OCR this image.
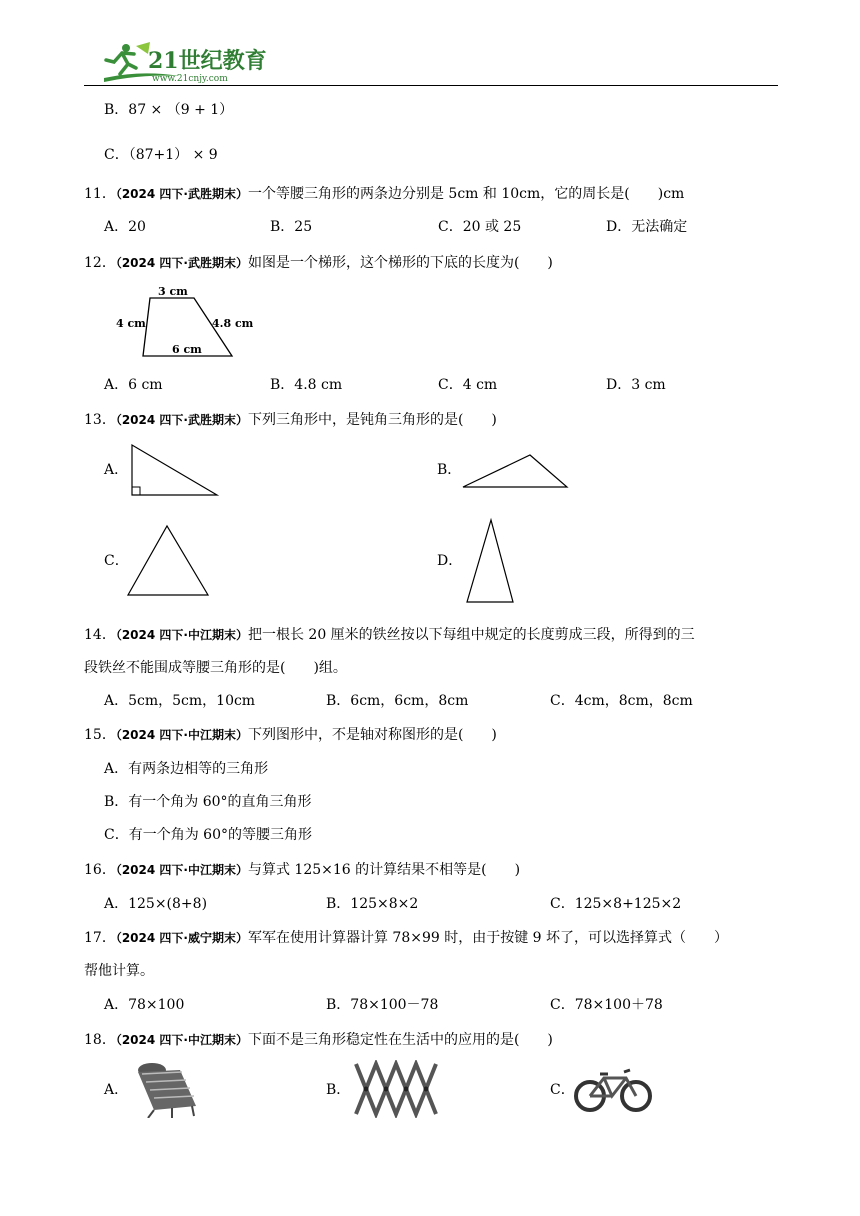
21世纪教育
www.21cnjy.com
B．87 × （9 + 1）
C．（87+1） × 9
11．（2024 四下·武胜期末）一个等腰三角形的两条边分别是 5cm 和 10cm，它的周长是(　　)cm
A．20	B．25	C．20 或 25	D．无法确定
12．（2024 四下·武胜期末）如图是一个梯形，这个梯形的下底的长度为(　　)
3 cm
4 cm	4.8 cm
6 cm
A．6 cm	B．4.8 cm	C．4 cm	D．3 cm
13．（2024 四下·武胜期末）下列三角形中，是钝角三角形的是(　　)
A．	B．
C．	D．
14．（2024 四下·中江期末）把一根长 20 厘米的铁丝按以下每组中规定的长度剪成三段，所得到的三
段铁丝不能围成等腰三角形的是(　　)组。
A．5cm，5cm，10cm	B．6cm，6cm，8cm	C．4cm，8cm，8cm
15．（2024 四下·中江期末）下列图形中，不是轴对称图形的是(　　)
A．有两条边相等的三角形
B．有一个角为 60°的直角三角形
C．有一个角为 60°的等腰三角形
16．（2024 四下·中江期末）与算式 125×16 的计算结果不相等是(　　)
A．125×(8+8)	B．125×8×2	C．125×8+125×2
17．（2024 四下·威宁期末）军军在使用计算器计算 78×99 时，由于按键 9 坏了，可以选择算式（　　）
帮他计算。
A．78×100	B．78×100－78	C．78×100＋78
18．（2024 四下·中江期末）下面不是三角形稳定性在生活中的应用的是(　　)
A．	B．	C．
